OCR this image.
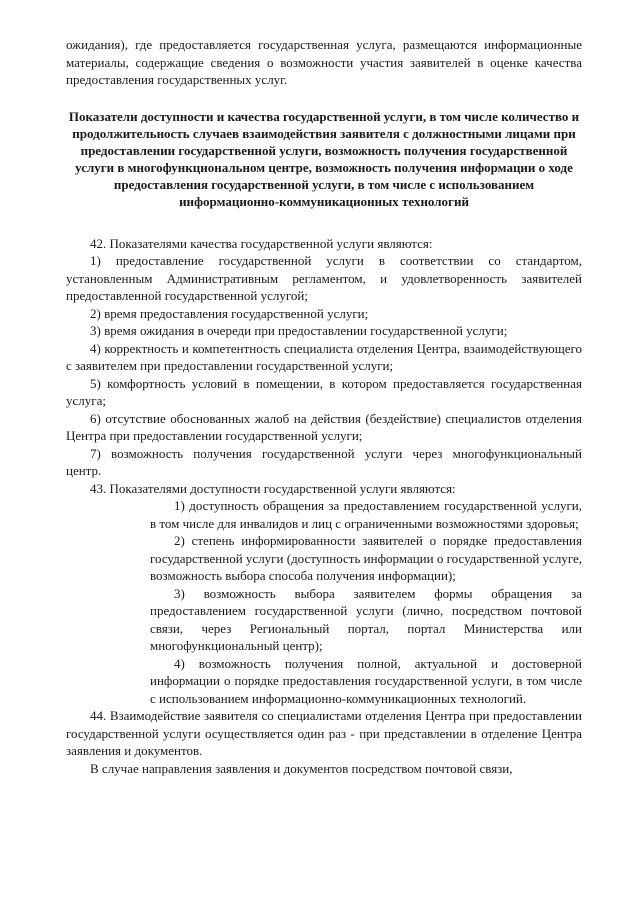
ожидания), где предоставляется государственная услуга, размещаются информационные материалы, содержащие сведения о возможности участия заявителей в оценке качества предоставления государственных услуг.

Показатели доступности и качества государственной услуги, в том числе количество и продолжительность случаев взаимодействия заявителя с должностными лицами при предоставлении государственной услуги, возможность получения государственной услуги в многофункциональном центре, возможность получения информации о ходе предоставления государственной услуги, в том числе с использованием информационно-коммуникационных технологий

42. Показателями качества государственной услуги являются:

1) предоставление государственной услуги в соответствии со стандартом, установленным Административным регламентом, и удовлетворенность заявителей предоставленной государственной услугой;

2) время предоставления государственной услуги;

3) время ожидания в очереди при предоставлении государственной услуги;

4) корректность и компетентность специалиста отделения Центра, взаимодействующего с заявителем при предоставлении государственной услуги;

5) комфортность условий в помещении, в котором предоставляется государственная услуга;

6) отсутствие обоснованных жалоб на действия (бездействие) специалистов отделения Центра при предоставлении государственной услуги;

7) возможность получения государственной услуги через многофункциональный центр.

43. Показателями доступности государственной услуги являются:

1) доступность обращения за предоставлением государственной услуги, в том числе для инвалидов и лиц с ограниченными возможностями здоровья;

2) степень информированности заявителей о порядке предоставления государственной услуги (доступность информации о государственной услуге, возможность выбора способа получения информации);

3) возможность выбора заявителем формы обращения за предоставлением государственной услуги (лично, посредством почтовой связи, через Региональный портал, портал Министерства или многофункциональный центр);

4) возможность получения полной, актуальной и достоверной информации о порядке предоставления государственной услуги, в том числе с использованием информационно-коммуникационных технологий.

44. Взаимодействие заявителя со специалистами отделения Центра при предоставлении государственной услуги осуществляется один раз - при представлении в отделение Центра заявления и документов.

В случае направления заявления и документов посредством почтовой связи,
